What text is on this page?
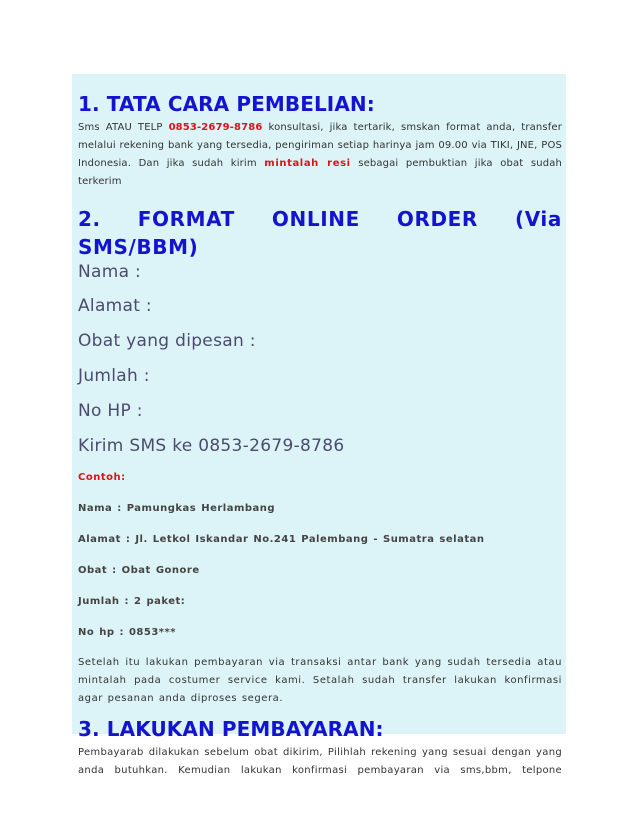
1. TATA CARA PEMBELIAN:

Sms ATAU TELP 0853-2679-8786 konsultasi, jika tertarik, smskan format anda, transfer melalui rekening bank yang tersedia, pengiriman setiap harinya jam 09.00 via TIKI, JNE, POS Indonesia. Dan jika sudah kirim mintalah resi sebagai pembuktian jika obat sudah terkerim

2. FORMAT ONLINE ORDER (Via SMS/BBM)

Nama :

Alamat :

Obat yang dipesan :

Jumlah :

No HP :

Kirim SMS ke 0853-2679-8786

Contoh:

Nama : Pamungkas Herlambang

Alamat : Jl. Letkol Iskandar No.241 Palembang - Sumatra selatan

Obat : Obat Gonore

Jumlah : 2 paket:

No hp : 0853***

Setelah itu lakukan pembayaran via transaksi antar bank yang sudah tersedia atau mintalah pada costumer service kami. Setalah sudah transfer lakukan konfirmasi agar pesanan anda diproses segera.

3. LAKUKAN PEMBAYARAN:

Pembayarab dilakukan sebelum obat dikirim, Pilihlah rekening yang sesuai dengan yang anda butuhkan. Kemudian lakukan konfirmasi pembayaran via sms,bbm, telpone
